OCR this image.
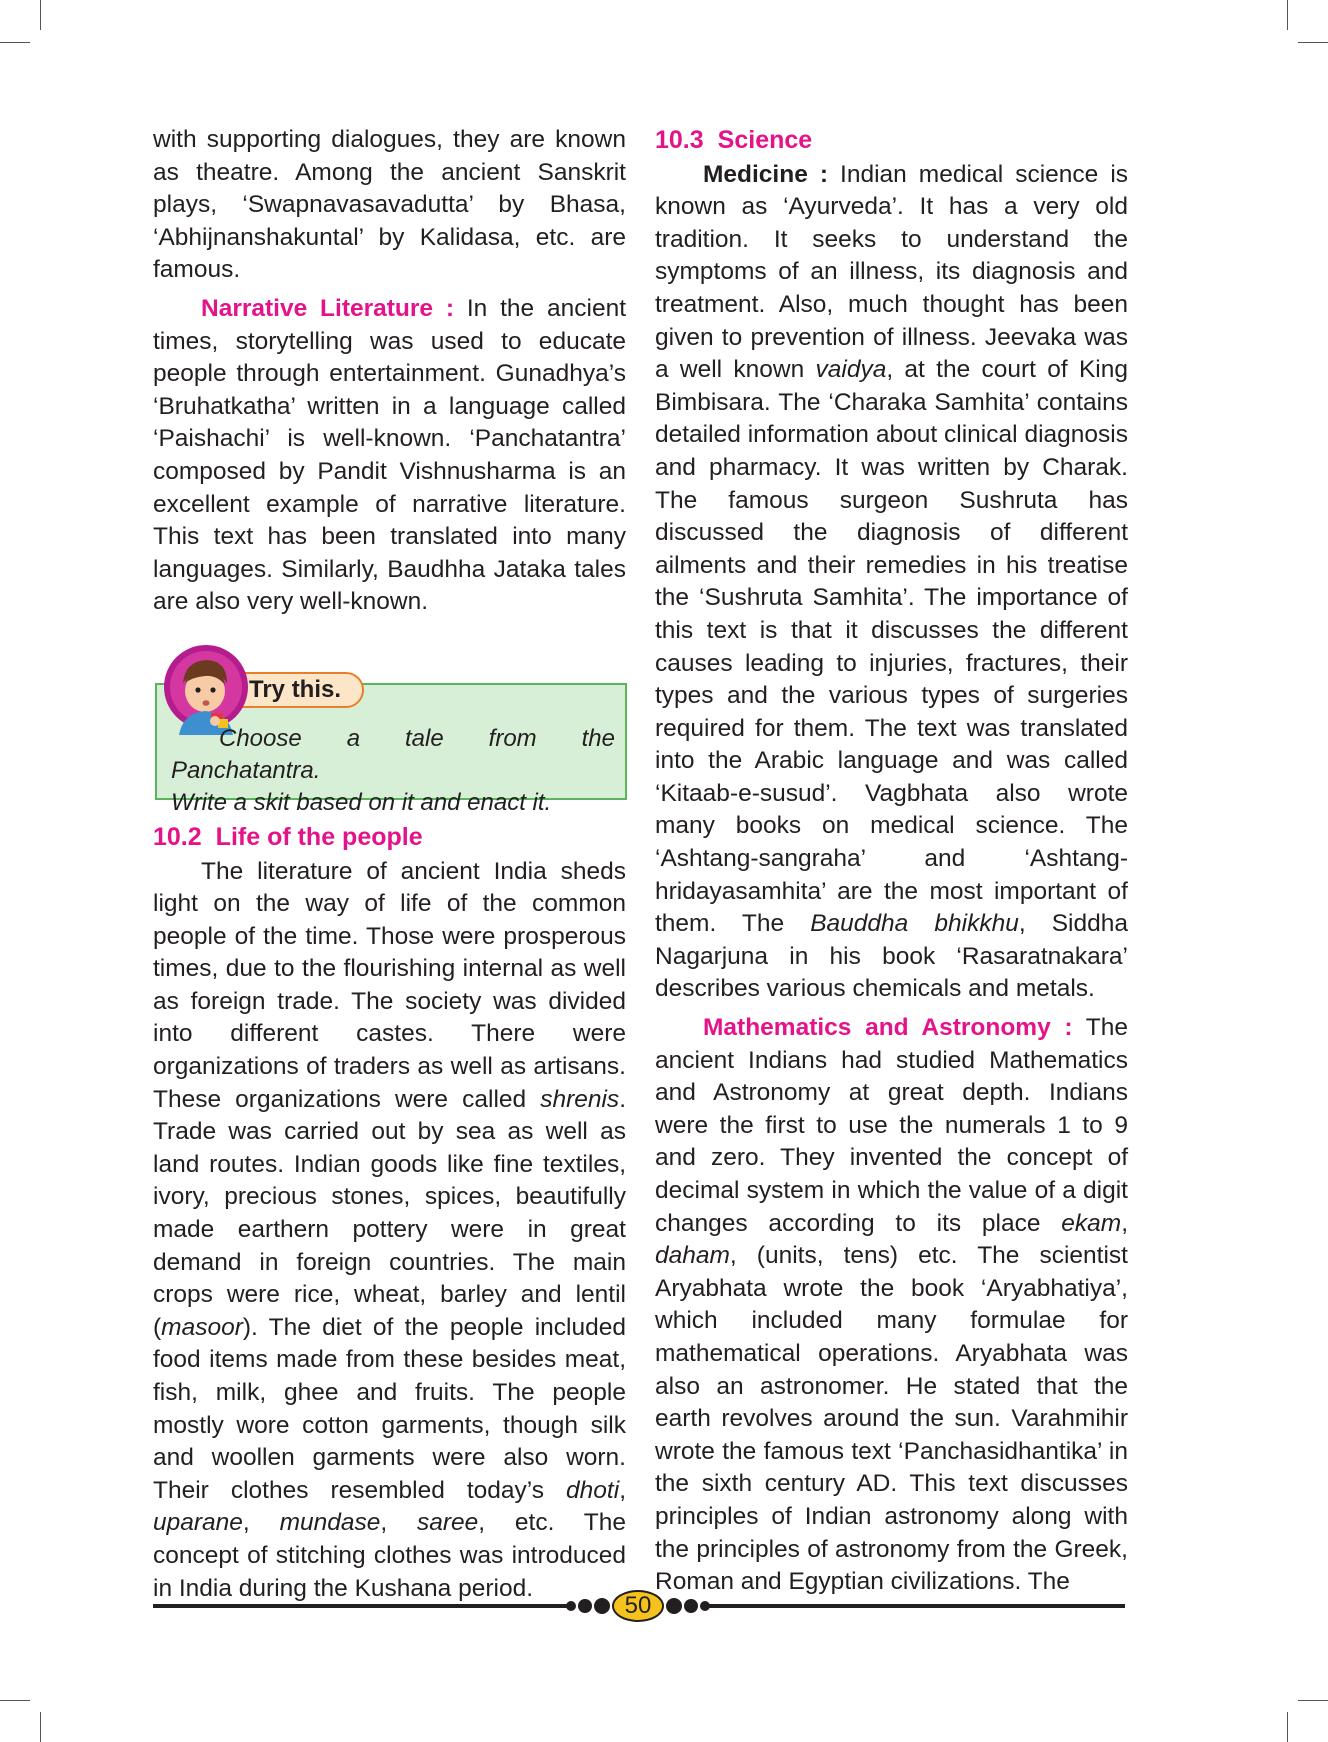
with supporting dialogues, they are known as theatre. Among the ancient Sanskrit plays, ‘Swapnavasavadutta’ by Bhasa, ‘Abhijnanshakuntal’ by Kalidasa, etc. are famous.

Narrative Literature : In the ancient times, storytelling was used to educate people through entertainment. Gunadhya’s ‘Bruhatkatha’ written in a language called ‘Paishachi’ is well-known. ‘Panchatantra’ composed by Pandit Vishnusharma is an excellent example of narrative literature. This text has been translated into many languages. Similarly, Baudhha Jataka tales are also very well-known.

Try this.

Choose a tale from the Panchatantra.

Write a skit based on it and enact it.

10.2 Life of the people

The literature of ancient India sheds light on the way of life of the common people of the time. Those were prosperous times, due to the flourishing internal as well as foreign trade. The society was divided into different castes. There were organizations of traders as well as artisans. These organizations were called shrenis. Trade was carried out by sea as well as land routes. Indian goods like fine textiles, ivory, precious stones, spices, beautifully made earthern pottery were in great demand in foreign countries. The main crops were rice, wheat, barley and lentil (masoor). The diet of the people included food items made from these besides meat, fish, milk, ghee and fruits. The people mostly wore cotton garments, though silk and woollen garments were also worn. Their clothes resembled today’s dhoti, uparane, mundase, saree, etc. The concept of stitching clothes was introduced in India during the Kushana period.

10.3 Science

Medicine : Indian medical science is known as ‘Ayurveda’. It has a very old tradition. It seeks to understand the symptoms of an illness, its diagnosis and treatment. Also, much thought has been given to prevention of illness. Jeevaka was a well known vaidya, at the court of King Bimbisara. The ‘Charaka Samhita’ contains detailed information about clinical diagnosis and pharmacy. It was written by Charak. The famous surgeon Sushruta has discussed the diagnosis of different ailments and their remedies in his treatise the ‘Sushruta Samhita’. The importance of this text is that it discusses the different causes leading to injuries, fractures, their types and the various types of surgeries required for them. The text was translated into the Arabic language and was called ‘Kitaab-e-susud’. Vagbhata also wrote many books on medical science. The ‘Ashtang-sangraha’ and ‘Ashtang-hridayasamhita’ are the most important of them. The Bauddha bhikkhu, Siddha Nagarjuna in his book ‘Rasaratnakara’ describes various chemicals and metals.

Mathematics and Astronomy : The ancient Indians had studied Mathematics and Astronomy at great depth. Indians were the first to use the numerals 1 to 9 and zero. They invented the concept of decimal system in which the value of a digit changes according to its place ekam, daham, (units, tens) etc. The scientist Aryabhata wrote the book ‘Aryabhatiya’, which included many formulae for mathematical operations. Aryabhata was also an astronomer. He stated that the earth revolves around the sun. Varahmihir wrote the famous text ‘Panchasidhantika’ in the sixth century AD. This text discusses principles of Indian astronomy along with the principles of astronomy from the Greek, Roman and Egyptian civilizations. The

50
